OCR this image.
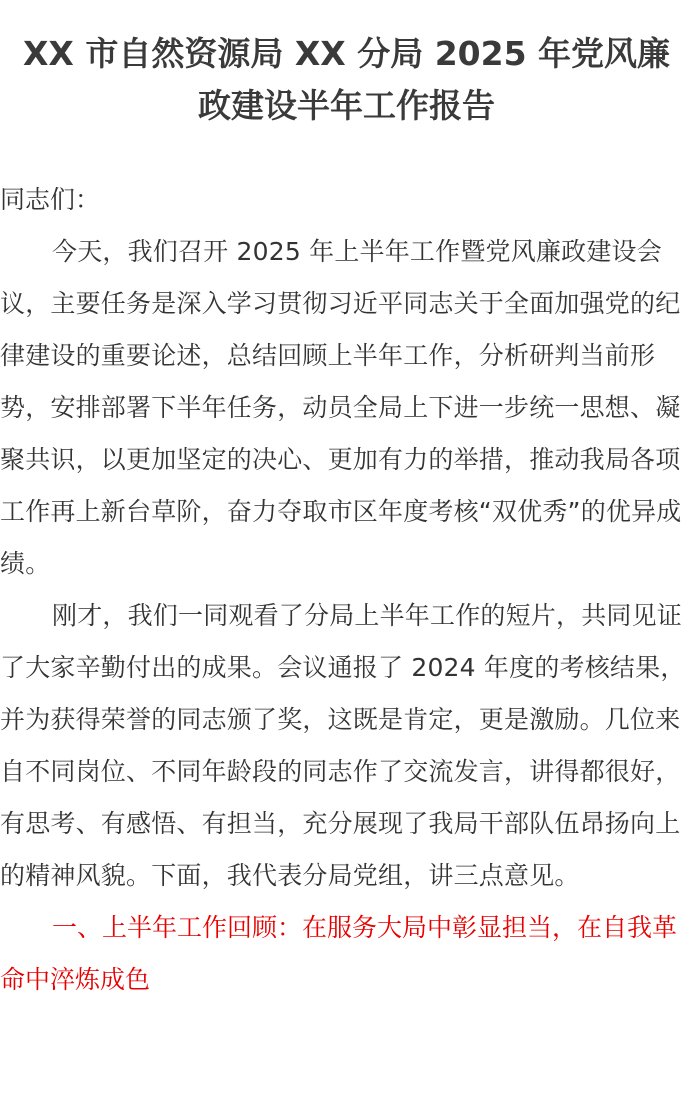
XX 市自然资源局 XX 分局 2025 年党风廉
政建设半年工作报告

同志们：

今天，我们召开 2025 年上半年工作暨党风廉政建设会议，主要任务是深入学习贯彻习近平同志关于全面加强党的纪律建设的重要论述，总结回顾上半年工作，分析研判当前形势，安排部署下半年任务，动员全局上下进一步统一思想、凝聚共识，以更加坚定的决心、更加有力的举措，推动我局各项工作再上新台草阶，奋力夺取市区年度考核“双优秀”的优异成绩。

刚才，我们一同观看了分局上半年工作的短片，共同见证了大家辛勤付出的成果。会议通报了 2024 年度的考核结果，并为获得荣誉的同志颁了奖，这既是肯定，更是激励。几位来自不同岗位、不同年龄段的同志作了交流发言，讲得都很好，有思考、有感悟、有担当，充分展现了我局干部队伍昂扬向上的精神风貌。下面，我代表分局党组，讲三点意见。

一、上半年工作回顾：在服务大局中彰显担当，在自我革命中淬炼成色
